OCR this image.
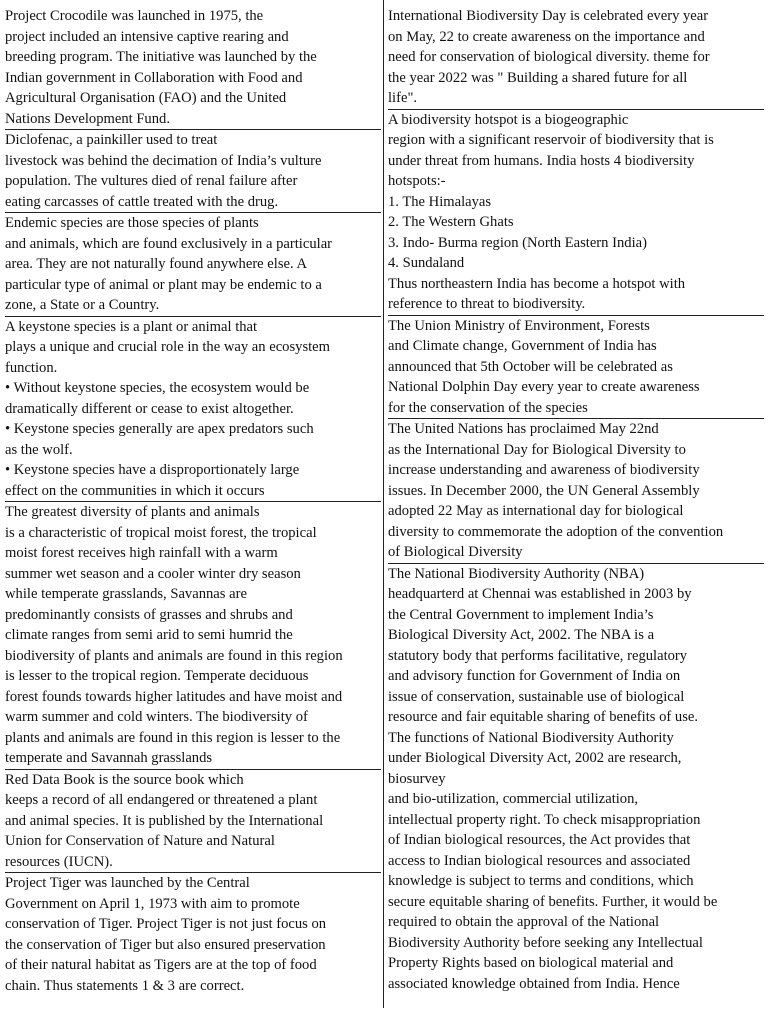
Project Crocodile was launched in 1975, the
project included an intensive captive rearing and
breeding program. The initiative was launched by the
Indian government in Collaboration with Food and
Agricultural Organisation (FAO) and the United
Nations Development Fund.
Diclofenac, a painkiller used to treat
livestock was behind the decimation of India’s vulture
population. The vultures died of renal failure after
eating carcasses of cattle treated with the drug.
Endemic species are those species of plants
and animals, which are found exclusively in a particular
area. They are not naturally found anywhere else. A
particular type of animal or plant may be endemic to a
zone, a State or a Country.
A keystone species is a plant or animal that
plays a unique and crucial role in the way an ecosystem
function.
• Without keystone species, the ecosystem would be
dramatically different or cease to exist altogether.
• Keystone species generally are apex predators such
as the wolf.
• Keystone species have a disproportionately large
effect on the communities in which it occurs
The greatest diversity of plants and animals
is a characteristic of tropical moist forest, the tropical
moist forest receives high rainfall with a warm
summer wet season and a cooler winter dry season
while temperate grasslands, Savannas are
predominantly consists of grasses and shrubs and
climate ranges from semi arid to semi humrid the
biodiversity of plants and animals are found in this region
is lesser to the tropical region. Temperate deciduous
forest founds towards higher latitudes and have moist and
warm summer and cold winters. The biodiversity of
plants and animals are found in this region is lesser to the
temperate and Savannah grasslands
Red Data Book is the source book which
keeps a record of all endangered or threatened a plant
and animal species. It is published by the International
Union for Conservation of Nature and Natural
resources (IUCN).
Project Tiger was launched by the Central
Government on April 1, 1973 with aim to promote
conservation of Tiger. Project Tiger is not just focus on
the conservation of Tiger but also ensured preservation
of their natural habitat as Tigers are at the top of food
chain. Thus statements 1 & 3 are correct.
International Biodiversity Day is celebrated every year
on May, 22 to create awareness on the importance and
need for conservation of biological diversity. theme for
the year 2022 was " Building a shared future for all
life".
A biodiversity hotspot is a biogeographic
region with a significant reservoir of biodiversity that is
under threat from humans. India hosts 4 biodiversity
hotspots:-
1. The Himalayas
2. The Western Ghats
3. Indo- Burma region (North Eastern India)
4. Sundaland
Thus northeastern India has become a hotspot with
reference to threat to biodiversity.
The Union Ministry of Environment, Forests
and Climate change, Government of India has
announced that 5th October will be celebrated as
National Dolphin Day every year to create awareness
for the conservation of the species
The United Nations has proclaimed May 22nd
as the International Day for Biological Diversity to
increase understanding and awareness of biodiversity
issues. In December 2000, the UN General Assembly
adopted 22 May as international day for biological
diversity to commemorate the adoption of the convention
of Biological Diversity
The National Biodiversity Authority (NBA)
headquarterd at Chennai was established in 2003 by
the Central Government to implement India’s
Biological Diversity Act, 2002. The NBA is a
statutory body that performs facilitative, regulatory
and advisory function for Government of India on
issue of conservation, sustainable use of biological
resource and fair equitable sharing of benefits of use.
The functions of National Biodiversity Authority
under Biological Diversity Act, 2002 are research,
biosurvey
and bio-utilization, commercial utilization,
intellectual property right. To check misappropriation
of Indian biological resources, the Act provides that
access to Indian biological resources and associated
knowledge is subject to terms and conditions, which
secure equitable sharing of benefits. Further, it would be
required to obtain the approval of the National
Biodiversity Authority before seeking any Intellectual
Property Rights based on biological material and
associated knowledge obtained from India. Hence
